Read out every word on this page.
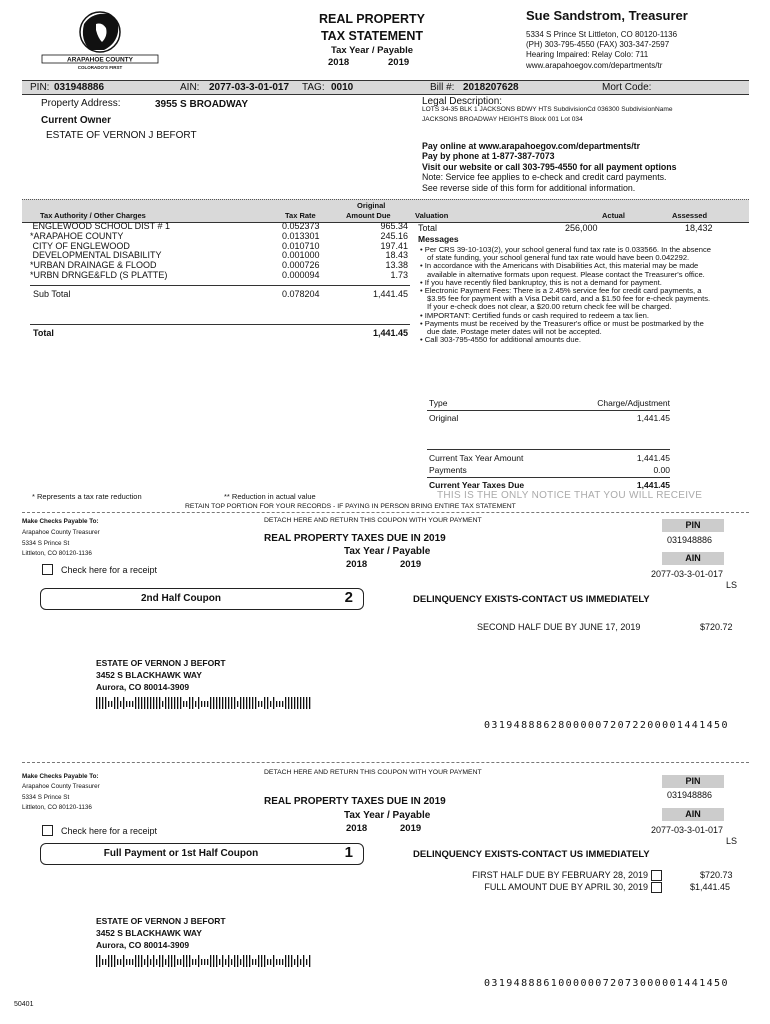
ARAPAHOE COUNTY
COLORADO'S FIRST
REAL PROPERTY
TAX STATEMENT
Tax Year / Payable
2018	2019
Sue Sandstrom, Treasurer
5334 S Prince St Littleton, CO 80120-1136
(PH) 303-795-4550 (FAX) 303-347-2597
Hearing Impaired: Relay Colo: 711
www.arapahoegov.com/departments/tr
PIN: 031948886	AIN: 2077-03-3-01-017 TAG: 0010	Bill #: 2018207628	Mort Code:
Property Address:	3955 S BROADWAY
Current Owner
ESTATE OF VERNON J BEFORT
Legal Description:
LOTS 34-35 BLK 1 JACKSONS BDWY HTS SubdivisionCd 036300 SubdivisionName
JACKSONS BROADWAY HEIGHTS Block 001 Lot 034
Pay online at www.arapahoegov.com/departments/tr
Pay by phone at 1-877-387-7073
Visit our website or call 303-795-4550 for all payment options
Note: Service fee applies to e-check and credit card payments.
See reverse side of this form for additional information.
Tax Authority / Other Charges	Tax Rate
Original
Amount Due	Valuation	Actual	Assessed
ENGLEWOOD SCHOOL DIST # 1	0.052373	965.34
*ARAPAHOE COUNTY	0.013301	245.16
CITY OF ENGLEWOOD	0.010710	197.41
DEVELOPMENTAL DISABILITY	0.001000	18.43
*URBAN DRAINAGE & FLOOD	0.000726	13.38
*URBN DRNGE&FLD (S PLATTE)	0.000094	1.73
Sub Total	0.078204	1,441.45
Total	1,441.45
Total	256,000	18,432
Messages
• Per CRS 39-10-103(2), your school general fund tax rate is 0.033566. In the absence of state funding, your school general fund tax rate would have been 0.042292.
• In accordance with the Americans with Disabilities Act, this material may be made available in alternative formats upon request. Please contact the Treasurer's office.
• If you have recently filed bankruptcy, this is not a demand for payment.
• Electronic Payment Fees: There is a 2.45% service fee for credit card payments, a $3.95 fee for payment with a Visa Debit card, and a $1.50 fee for e-check payments. If your e-check does not clear, a $20.00 return check fee will be charged.
• IMPORTANT: Certified funds or cash required to redeem a tax lien.
• Payments must be received by the Treasurer's office or must be postmarked by the due date. Postage meter dates will not be accepted.
• Call 303-795-4550 for additional amounts due.
Type	Charge/Adjustment
Original	1,441.45
Current Tax Year Amount	1,441.45
Payments	0.00
Current Year Taxes Due	1,441.45
* Represents a tax rate reduction	** Reduction in actual value	THIS IS THE ONLY NOTICE THAT YOU WILL RECEIVE
RETAIN TOP PORTION FOR YOUR RECORDS - IF PAYING IN PERSON BRING ENTIRE TAX STATEMENT
Make Checks Payable To:
Arapahoe County Treasurer
5334 S Prince St
Littleton, CO 80120-1136
DETACH HERE AND RETURN THIS COUPON WITH YOUR PAYMENT
REAL PROPERTY TAXES DUE IN 2019
Tax Year / Payable
2018	2019
PIN
031948886
AIN
2077-03-3-01-017
LS
Check here for a receipt
2nd Half Coupon	2	DELINQUENCY EXISTS-CONTACT US IMMEDIATELY
SECOND HALF DUE BY JUNE 17, 2019	$720.72
ESTATE OF VERNON J BEFORT
3452 S BLACKHAWK WAY
Aurora, CO 80014-3909
031948886280000072072200001441450
Make Checks Payable To:
Arapahoe County Treasurer
5334 S Prince St
Littleton, CO 80120-1136
DETACH HERE AND RETURN THIS COUPON WITH YOUR PAYMENT
REAL PROPERTY TAXES DUE IN 2019
Tax Year / Payable
2018	2019
PIN
031948886
AIN
2077-03-3-01-017
LS
Check here for a receipt
Full Payment or 1st Half Coupon	1	DELINQUENCY EXISTS-CONTACT US IMMEDIATELY
FIRST HALF DUE BY FEBRUARY 28, 2019	$720.73
FULL AMOUNT DUE BY APRIL 30, 2019	$1,441.45
ESTATE OF VERNON J BEFORT
3452 S BLACKHAWK WAY
Aurora, CO 80014-3909
031948886100000072073000001441450
50401
